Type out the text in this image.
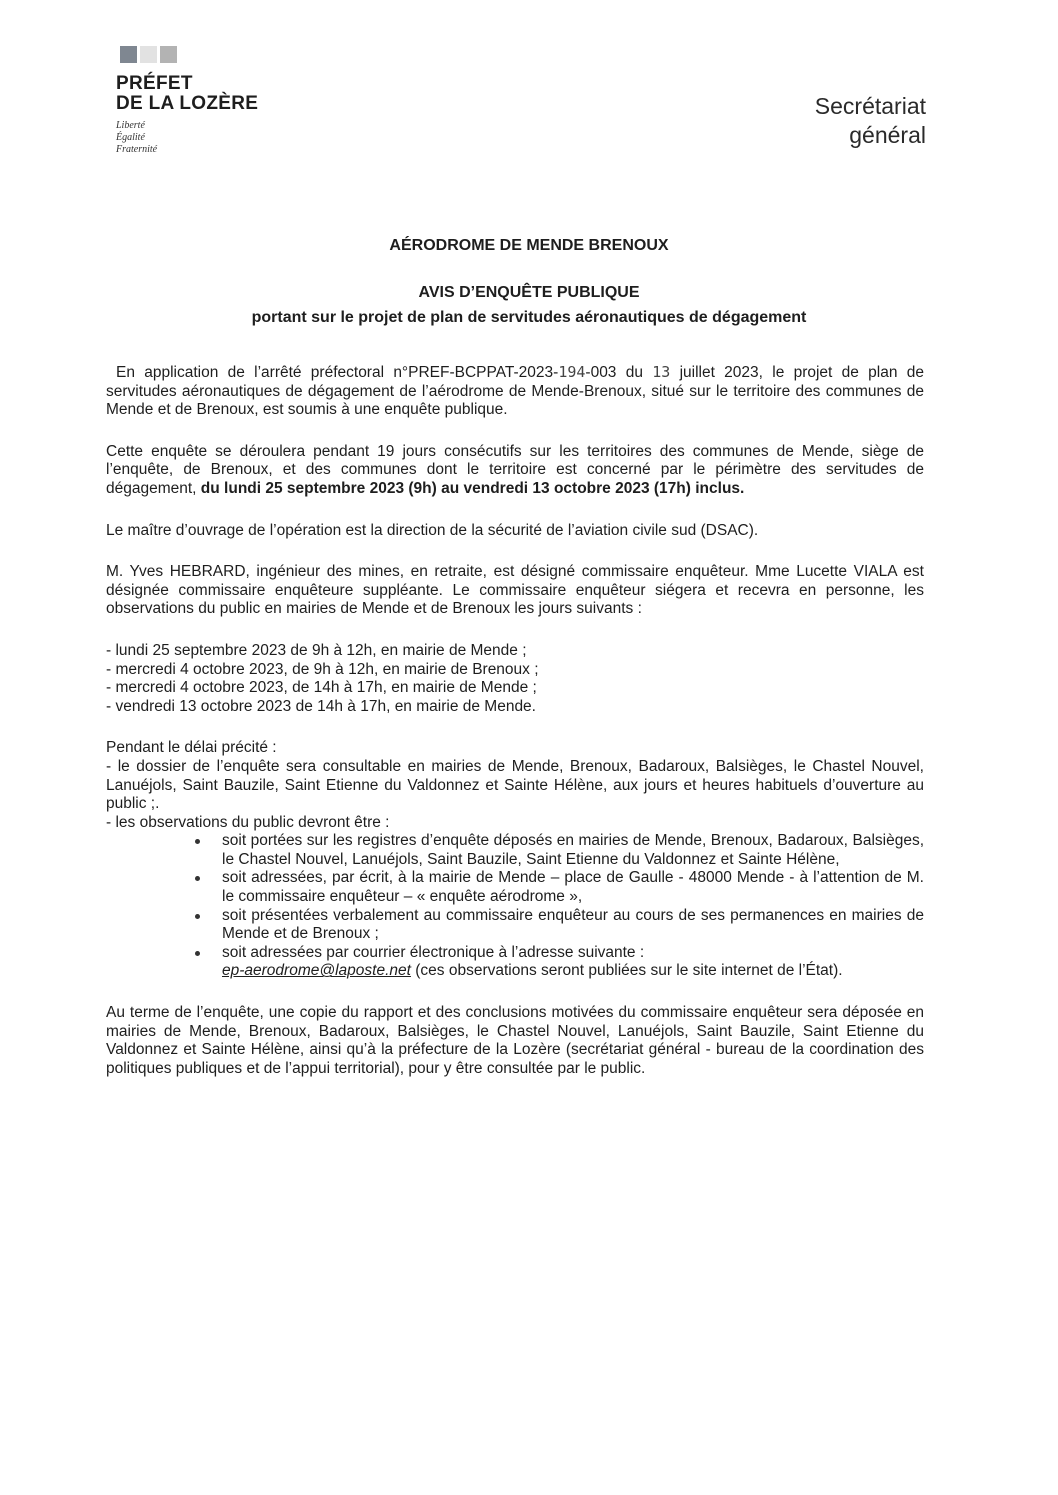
PRÉFET
DE LA LOZÈRE
Liberté
Égalité
Fraternité
Secrétariat
général
AÉRODROME DE MENDE BRENOUX
AVIS D’ENQUÊTE PUBLIQUE
portant sur le projet de plan de servitudes aéronautiques de dégagement

En application de l’arrêté préfectoral n°PREF-BCPPAT-2023-194-003 du 13 juillet 2023, le projet de plan de servitudes aéronautiques de dégagement de l’aérodrome de Mende-Brenoux, situé sur le territoire des communes de Mende et de Brenoux, est soumis à une enquête publique.

Cette enquête se déroulera pendant 19 jours consécutifs sur les territoires des communes de Mende, siège de l’enquête, de Brenoux, et des communes dont le territoire est concerné par le périmètre des servitudes de dégagement, du lundi 25 septembre 2023 (9h) au vendredi 13 octobre 2023 (17h) inclus.

Le maître d’ouvrage de l’opération est la direction de la sécurité de l’aviation civile sud (DSAC).

M. Yves HEBRARD, ingénieur des mines, en retraite, est désigné commissaire enquêteur. Mme Lucette VIALA est désignée commissaire enquêteure suppléante. Le commissaire enquêteur siégera et recevra en personne, les observations du public en mairies de Mende et de Brenoux les jours suivants :

- lundi 25 septembre 2023 de 9h à 12h, en mairie de Mende ;
- mercredi 4 octobre 2023, de 9h à 12h, en mairie de Brenoux ;
- mercredi 4 octobre 2023, de 14h à 17h, en mairie de Mende ;
- vendredi 13 octobre 2023 de 14h à 17h, en mairie de Mende.
Pendant le délai précité :
- le dossier de l’enquête sera consultable en mairies de Mende, Brenoux, Badaroux, Balsièges, le Chastel Nouvel, Lanuéjols, Saint Bauzile, Saint Etienne du Valdonnez et Sainte Hélène, aux jours et heures habituels d’ouverture au public ;.
- les observations du public devront être :
soit portées sur les registres d’enquête déposés en mairies de Mende, Brenoux, Badaroux, Balsièges, le Chastel Nouvel, Lanuéjols, Saint Bauzile, Saint Etienne du Valdonnez et Sainte Hélène,
soit adressées, par écrit, à la mairie de Mende – place de Gaulle - 48000 Mende - à l’attention de M. le commissaire enquêteur – « enquête aérodrome »,
soit présentées verbalement au commissaire enquêteur au cours de ses permanences en mairies de Mende et de Brenoux ;
soit adressées par courrier électronique à l’adresse suivante :
ep-aerodrome@laposte.net (ces observations seront publiées sur le site internet de l’État).

Au terme de l’enquête, une copie du rapport et des conclusions motivées du commissaire enquêteur sera déposée en mairies de Mende, Brenoux, Badaroux, Balsièges, le Chastel Nouvel, Lanuéjols, Saint Bauzile, Saint Etienne du Valdonnez et Sainte Hélène, ainsi qu’à la préfecture de la Lozère (secrétariat général - bureau de la coordination des politiques publiques et de l’appui territorial), pour y être consultée par le public.
